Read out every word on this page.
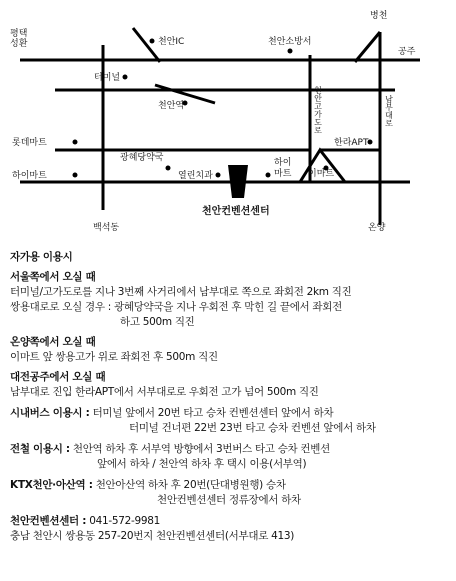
평택
성환	천안IC	천안소방서
병천
공주
터미널
천안역	천안고가도로	남부대로
롯데마트	한라APT
광혜당약국
하이마트	열린치과
하이
마트 이마트
천안컨벤션센터
백석동	온양
자가용 이용시
서울쪽에서 오실 때
터미널/고가도로를 지나 3번째 사거리에서 남부대로 쪽으로 좌회전 2km 직진
쌍용대로로 오실 경우 : 광혜당약국을 지나 우회전 후 막힌 길 끝에서 좌회전
하고 500m 직진
온양쪽에서 오실 때
이마트 앞 쌍용고가 위로 좌회전 후 500m 직진
대전공주에서 오실 때
남부대로 진입 한라APT에서 서부대로로 우회전 고가 넘어 500m 직진
시내버스 이용시 :
터미널 앞에서 20번 타고 승차 컨벤션센터 앞에서 하차
터미널 건너편 22번 23번 타고 승차 컨벤션 앞에서 하차
전철 이용시 :
천안역 하차 후 서부역 방향에서 3번버스 타고 승차 컨벤션
앞에서 하차 / 천안역 하차 후 택시 이용(서부역)
KTX천안·아산역 :
천안아산역 하차 후 20번(단대병원행) 승차
천안컨벤션센터 정류장에서 하차
천안컨벤션센터 :
041-572-9981
충남 천안시 쌍용동 257-20번지 천안컨벤션센터(서부대로 413)
